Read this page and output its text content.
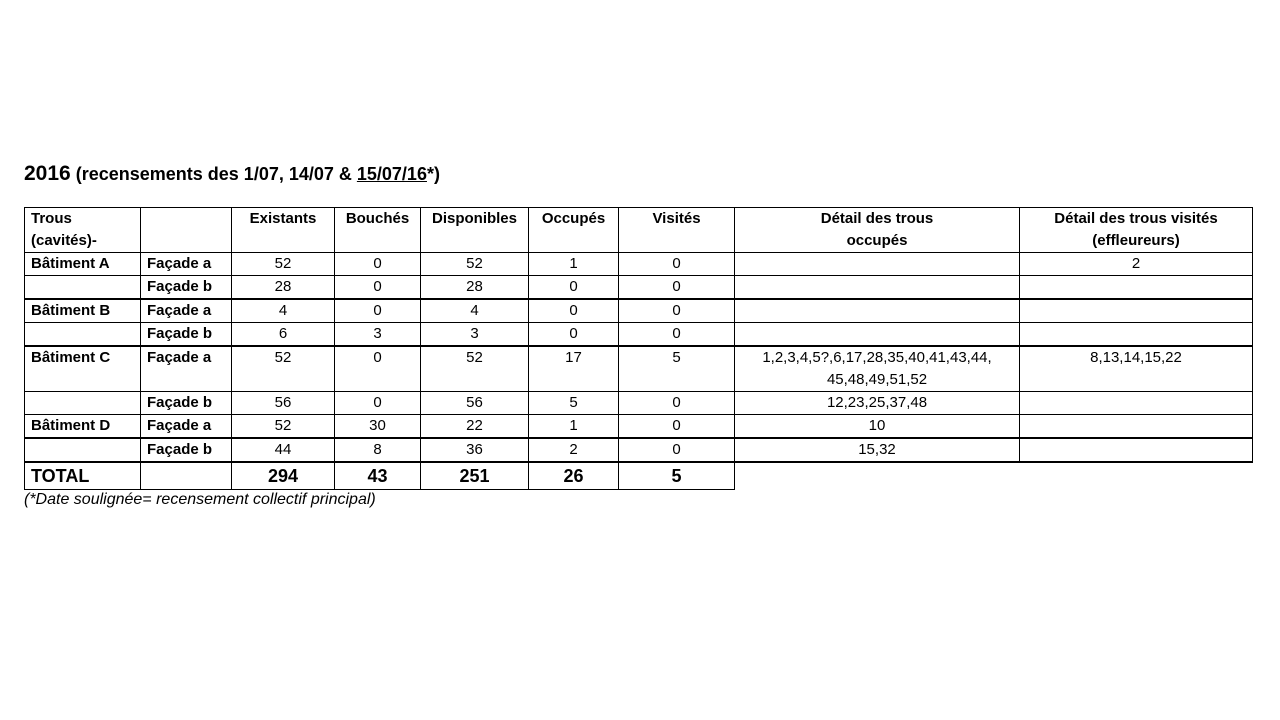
2016 (recensements des 1/07, 14/07 & 15/07/16*)
Trous (cavités)-		Existants	Bouchés	Disponibles	Occupés	Visités	Détail des trous occupés	Détail des trous visités (effleureurs)
Bâtiment A	Façade a	52	0	52	1	0		2
	Façade b	28	0	28	0	0		
Bâtiment B	Façade a	4	0	4	0	0		
	Façade b	6	3	3	0	0		
Bâtiment C	Façade a	52	0	52	17	5	1,2,3,4,5?,6,17,28,35,40,41,43,44, 45,48,49,51,52	8,13,14,15,22
	Façade b	56	0	56	5	0	12,23,25,37,48	
Bâtiment D	Façade a	52	30	22	1	0	10	
	Façade b	44	8	36	2	0	15,32	
TOTAL		294	43	251	26	5		
(*Date soulignée= recensement collectif principal)
